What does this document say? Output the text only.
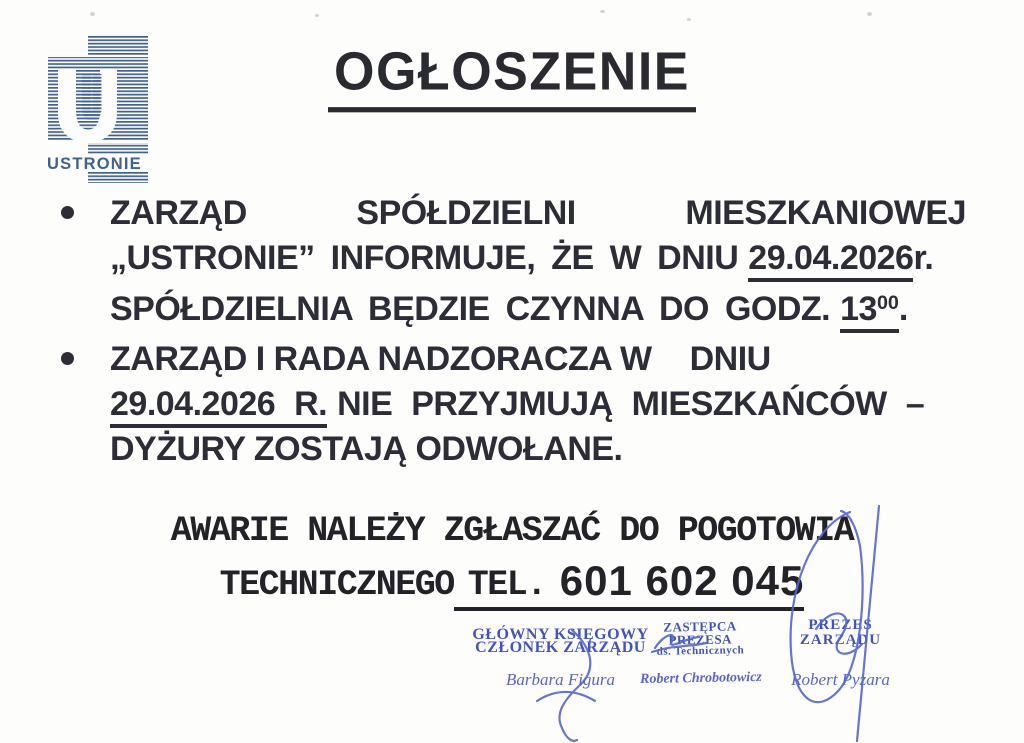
USTRONIE
OGŁOSZENIE
ZARZĄD	SPÓŁDZIELNI	MIESZKANIOWEJ
„USTRONIE” INFORMUJE, ŻE W DNIU 29.04.2026r.
SPÓŁDZIELNIA BĘDZIE CZYNNA DO GODZ. $13^{00}$.
ZARZĄD I RADA NADZORACZA W DNIU
29.04.2026 R. NIE PRZYJMUJĄ MIESZKAŃCÓW –
DYŻURY ZOSTAJĄ ODWOŁANE.
AWARIE NALEŻY ZGŁASZAĆ DO POGOTOWIA
TECHNICZNEGO TEL. 601 602 045
GŁÓWNY KSIĘGOWY
CZŁONEK ZARZĄDU
Barbara Figura
ZASTĘPCA PREZESA
ds. Technicznych
Robert Chrobotowicz
PREZES ZARZĄDU
Robert Pyzara
